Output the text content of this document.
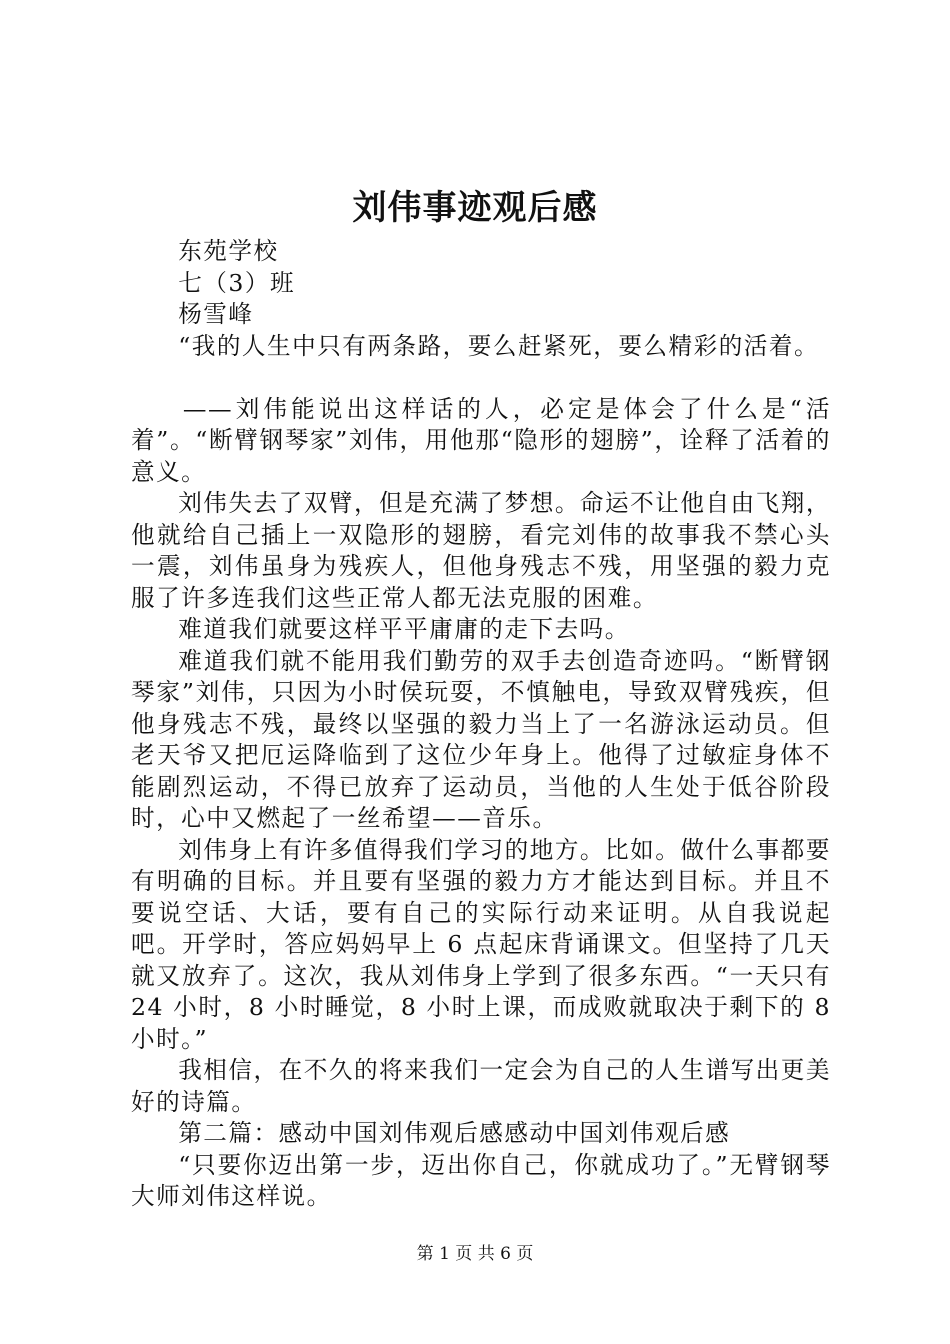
刘伟事迹观后感

东苑学校

七（3）班

杨雪峰

“我的人生中只有两条路，要么赶紧死，要么精彩的活着。

——刘伟能说出这样话的人，必定是体会了什么是“活着”。“断臂钢琴家”刘伟，用他那“隐形的翅膀”，诠释了活着的意义。

刘伟失去了双臂，但是充满了梦想。命运不让他自由飞翔，他就给自己插上一双隐形的翅膀，看完刘伟的故事我不禁心头一震，刘伟虽身为残疾人，但他身残志不残，用坚强的毅力克服了许多连我们这些正常人都无法克服的困难。

难道我们就要这样平平庸庸的走下去吗。

难道我们就不能用我们勤劳的双手去创造奇迹吗。“断臂钢琴家”刘伟，只因为小时侯玩耍，不慎触电，导致双臂残疾，但他身残志不残，最终以坚强的毅力当上了一名游泳运动员。但老天爷又把厄运降临到了这位少年身上。他得了过敏症身体不能剧烈运动，不得已放弃了运动员，当他的人生处于低谷阶段时，心中又燃起了一丝希望——音乐。

刘伟身上有许多值得我们学习的地方。比如。做什么事都要有明确的目标。并且要有坚强的毅力方才能达到目标。并且不要说空话、大话，要有自己的实际行动来证明。从自我说起吧。开学时，答应妈妈早上 6 点起床背诵课文。但坚持了几天就又放弃了。这次，我从刘伟身上学到了很多东西。“一天只有 24 小时，8 小时睡觉，8 小时上课，而成败就取决于剩下的 8 小时。”

我相信，在不久的将来我们一定会为自己的人生谱写出更美好的诗篇。

第二篇：感动中国刘伟观后感感动中国刘伟观后感

“只要你迈出第一步，迈出你自己，你就成功了。”无臂钢琴大师刘伟这样说。

第 1 页 共 6 页
